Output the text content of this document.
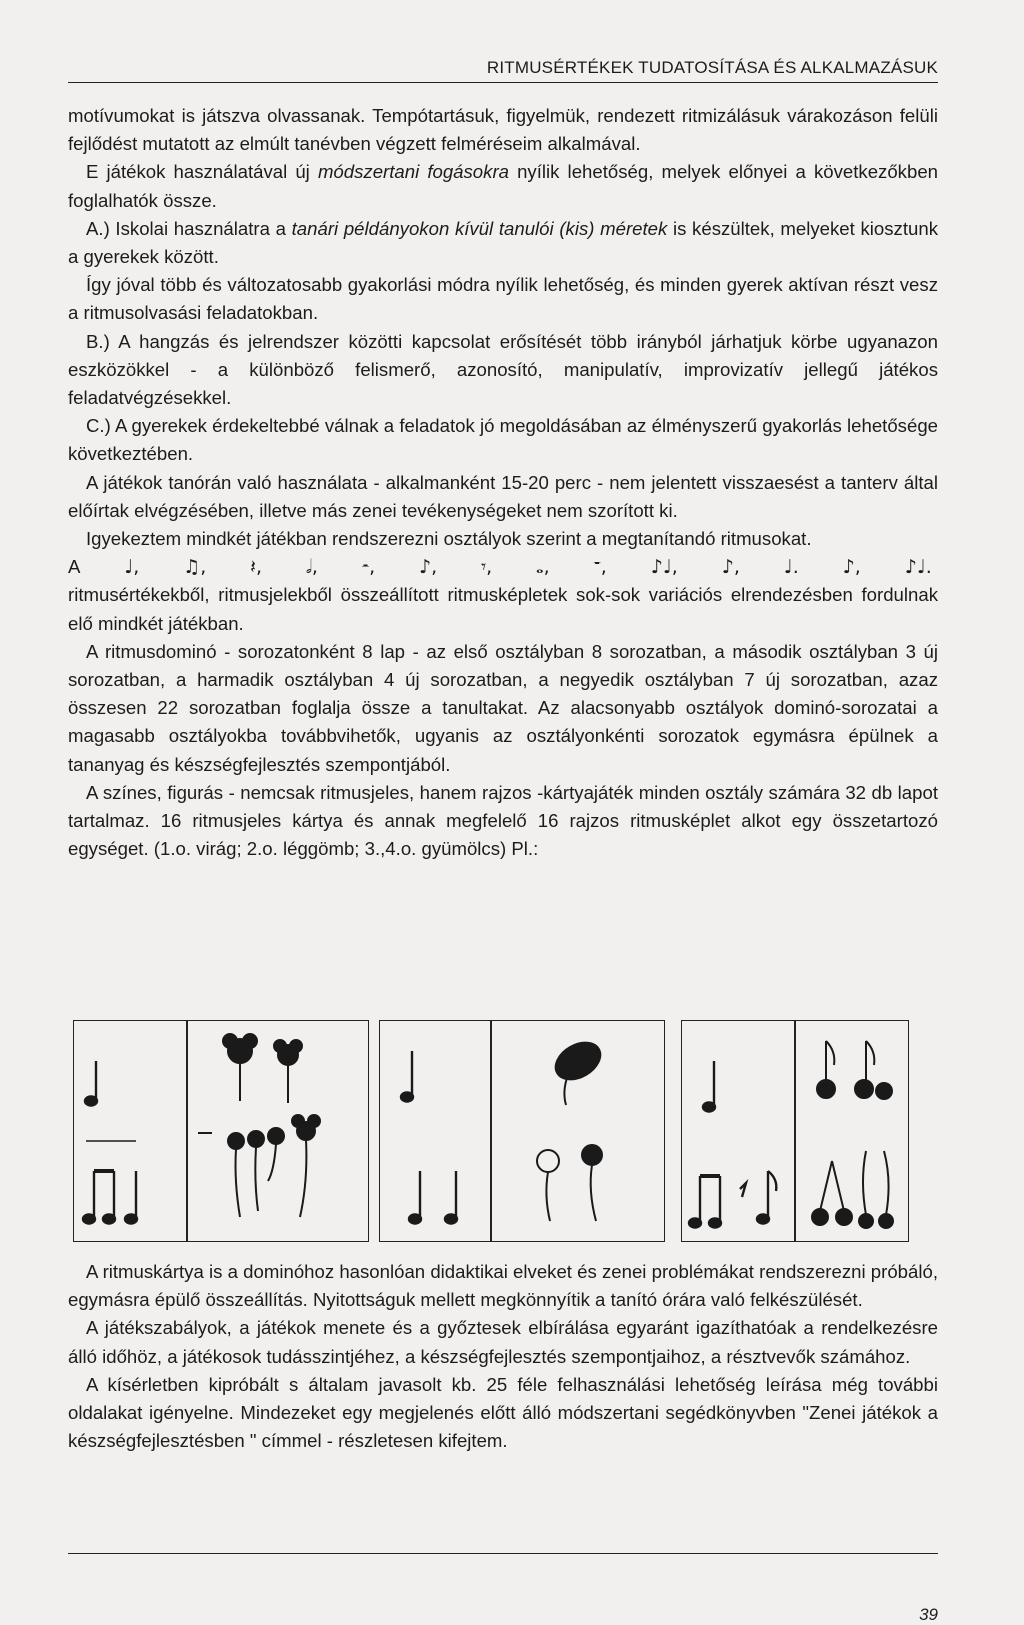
RITMUSÉRTÉKEK TUDATOSÍTÁSA ÉS ALKALMAZÁSUK

motívumokat is játszva olvassanak. Tempótartásuk, figyelmük, rendezett ritmizálásuk várakozáson felüli fejlődést mutatott az elmúlt tanévben végzett felméréseim alkalmával.

E játékok használatával új módszertani fogásokra nyílik lehetőség, melyek előnyei a következőkben foglalhatók össze.

A.) Iskolai használatra a tanári példányokon kívül tanulói (kis) méretek is készültek, melyeket kiosztunk a gyerekek között.

Így jóval több és változatosabb gyakorlási módra nyílik lehetőség, és minden gyerek aktívan részt vesz a ritmusolvasási feladatokban.

B.) A hangzás és jelrendszer közötti kapcsolat erősítését több irányból járhatjuk körbe ugyanazon eszközökkel - a különböző felismerő, azonosító, manipulatív, improvizatív jellegű játékos feladatvégzésekkel.

C.) A gyerekek érdekeltebbé válnak a feladatok jó megoldásában az élményszerű gyakorlás lehetősége következtében.

A játékok tanórán való használata - alkalmanként 15-20 perc - nem jelentett visszaesést a tanterv által előírtak elvégzésében, illetve más zenei tevékenységeket nem szorított ki.

Igyekeztem mindkét játékban rendszerezni osztályok szerint a megtanítandó ritmusokat.

A ♩, ♫, 𝄽, 𝅗𝅥, 𝄼, ♪, 𝄾, 𝅝, 𝄻, ♪♩, ♪, ♩. ♪, ♪♩.

ritmusértékekből, ritmusjelekből összeállított ritmusképletek sok-sok variációs elrendezésben fordulnak elő mindkét játékban.

A ritmusdominó - sorozatonként 8 lap - az első osztályban 8 sorozatban, a második osztályban 3 új sorozatban, a harmadik osztályban 4 új sorozatban, a negyedik osztályban 7 új sorozatban, azaz összesen 22 sorozatban foglalja össze a tanultakat. Az alacsonyabb osztályok dominó-sorozatai a magasabb osztályokba továbbvihetők, ugyanis az osztályonkénti sorozatok egymásra épülnek a tananyag és készségfejlesztés szempontjából.

A színes, figurás - nemcsak ritmusjeles, hanem rajzos -kártyajáték minden osztály számára 32 db lapot tartalmaz. 16 ritmusjeles kártya és annak megfelelő 16 rajzos ritmusképlet alkot egy összetartozó egységet. (1.o. virág; 2.o. léggömb; 3.,4.o. gyümölcs) Pl.:

A ritmuskártya is a dominóhoz hasonlóan didaktikai elveket és zenei problémákat rendszerezni próbáló, egymásra épülő összeállítás. Nyitottságuk mellett megkönnyítik a tanító órára való felkészülését.

A játékszabályok, a játékok menete és a győztesek elbírálása egyaránt igazíthatóak a rendelkezésre álló időhöz, a játékosok tudásszintjéhez, a készségfejlesztés szempontjaihoz, a résztvevők számához.

A kísérletben kipróbált s általam javasolt kb. 25 féle felhasználási lehetőség leírása még további oldalakat igényelne. Mindezeket egy megjelenés előtt álló módszertani segédkönyvben "Zenei játékok a készségfejlesztésben " címmel - részletesen kifejtem.

39
